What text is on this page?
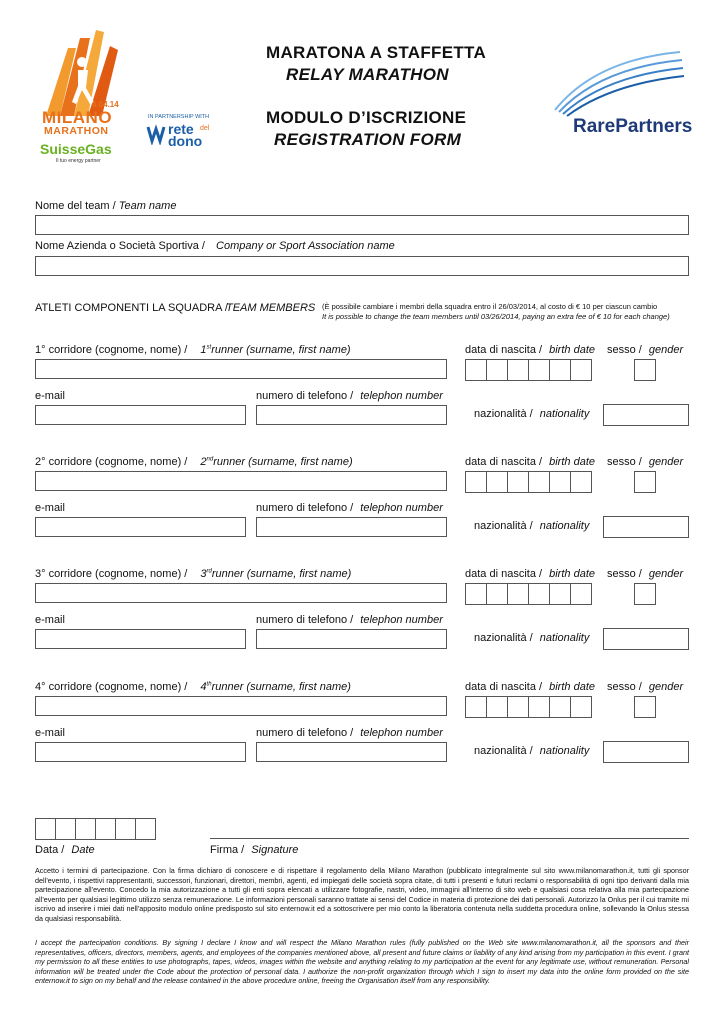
6.04.14
MILANO
MARATHON
SuisseGas
Il tuo energy partner
IN PARTNERSHIP WITH
rete del
dono
MARATONA A STAFFETTA
RELAY MARATHON
MODULO D’ISCRIZIONE
REGISTRATION FORM
RarePartners
Nome del team / Team name
Nome Azienda o Società Sportiva / Company or Sport Association name
ATLETI COMPONENTI LA SQUADRA /
TEAM MEMBERS (È possibile cambiare i membri della squadra entro il 26/03/2014, al costo di € 10 per ciascun cambio
It is possible to change the team members until 03/26/2014, paying an extra fee of € 10 for each change)
1° corridore (cognome, nome) / 1strunner (surname, first name)	data di nascita / birth date sesso / gender
e-mail	numero di telefono / telephon number
nazionalità / nationality
2° corridore (cognome, nome) / 2ndrunner (surname, first name)	data di nascita / birth date sesso / gender
e-mail	numero di telefono / telephon number
nazionalità / nationality
3° corridore (cognome, nome) / 3rdrunner (surname, first name)	data di nascita / birth date sesso / gender
e-mail	numero di telefono / telephon number
nazionalità / nationality
4° corridore (cognome, nome) / 4thrunner (surname, first name)	data di nascita / birth date sesso / gender
e-mail	numero di telefono / telephon number
nazionalità / nationality
Data / Date	Firma / Signature
Accetto i termini di partecipazione. Con la firma dichiaro di conoscere e di rispettare il regolamento della Milano Marathon (pubblicato integralmente sul sito www.milanomarathon.it, tutti gli sponsor dell’evento, i rispettivi rappresentanti, successori, funzionari, direttori, membri, agenti, ed impiegati delle società sopra citate, di tutti i presenti e futuri reclami o responsabilità di ogni tipo derivanti dalla mia partecipazione all’evento. Concedo la mia autorizzazione a tutti gli enti sopra elencati a utilizzare fotografie, nastri, video, immagini all’interno di sito web e qualsiasi cosa relativa alla mia partecipazione all’evento per qualsiasi legittimo utilizzo senza remunerazione. Le informazioni personali saranno trattate ai sensi del Codice in materia di protezione dei dati personali. Autorizzo la Onlus per il cui tramite mi iscrivo ad inserire i miei dati nell’apposito modulo online predisposto sul sito enternow.it ed a sottoscrivere per mio conto la liberatoria contenuta nella suddetta procedura online, sollevando la Onlus stessa da qualsiasi responsabilità.
I accept the partecipation conditions. By signing I declare I know and will respect the Milano Marathon rules (fully published on the Web site www.milanomarathon.it, all the sponsors and their representatives, officers, directors, members, agents, and employees of the companies mentioned above, all present and future claims or liability of any kind arising from my participation in this event. I grant my permission to all these entities to use photographs, tapes, videos, images within the website and anything relating to my participation at the event for any legitimate use, without remuneration. Personal information will be treated under the Code about the protection of personal data. I authorize the non-profit organization through which I sign to insert my data into the online form provided on the site enternow.it to sign on my behalf and the release contained in the above procedure online, freeing the Organisation itself from any responsibility.
